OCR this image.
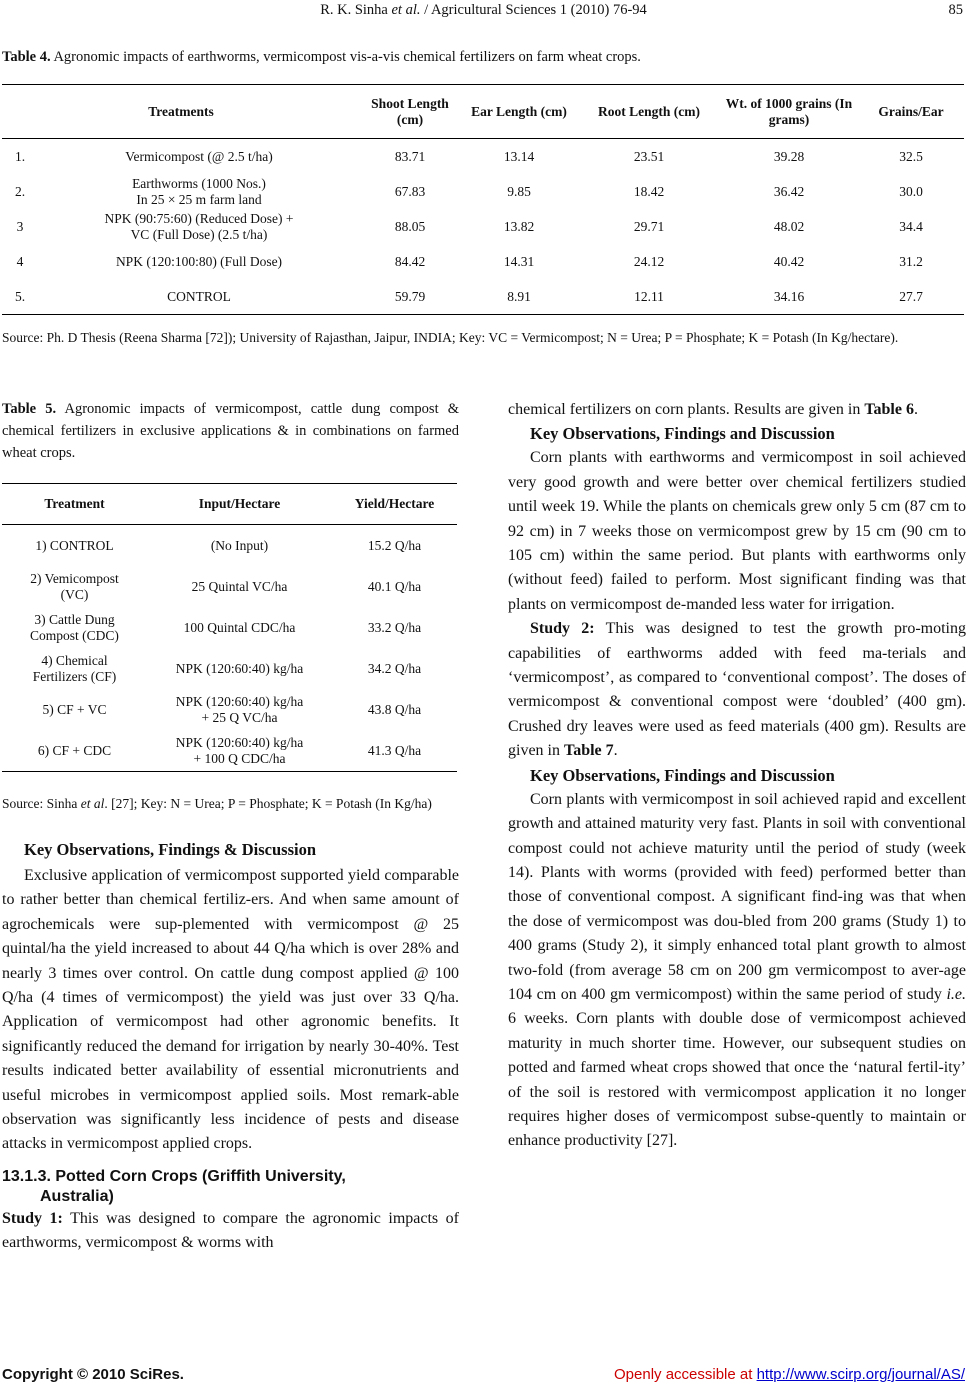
R. K. Sinha et al. / Agricultural Sciences 1 (2010) 76-94	85
Table 4. Agronomic impacts of earthworms, vermicompost vis-a-vis chemical fertilizers on farm wheat crops.
Treatments		Shoot Length (cm)	Ear Length (cm)	Root Length (cm)	Wt. of 1000 grains (In grams)	Grains/Ear
1.	Vermicompost (@ 2.5 t/ha)	83.71	13.14	23.51	39.28	32.5
2.	Earthworms (1000 Nos.)
In 25 × 25 m farm land	67.83	9.85	18.42	36.42	30.0
3	NPK (90:75:60) (Reduced Dose) +
VC (Full Dose) (2.5 t/ha)	88.05	13.82	29.71	48.02	34.4
4	NPK (120:100:80) (Full Dose)	84.42	14.31	24.12	40.42	31.2
5.	CONTROL	59.79	8.91	12.11	34.16	27.7
Source: Ph. D Thesis (Reena Sharma [72]); University of Rajasthan, Jaipur, INDIA; Key: VC = Vermicompost; N = Urea; P = Phosphate; K = Potash (In Kg/hectare).

Table 5. Agronomic impacts of vermicompost, cattle dung compost & chemical fertilizers in exclusive applications & in combinations on farmed wheat crops.

Treatment	Input/Hectare	Yield/Hectare
1) CONTROL	(No Input)	15.2 Q/ha
2) Vemicompost
(VC)	25 Quintal VC/ha	40.1 Q/ha
3) Cattle Dung
Compost (CDC)	100 Quintal CDC/ha	33.2 Q/ha
4) Chemical
Fertilizers (CF)	NPK (120:60:40) kg/ha	34.2 Q/ha
5) CF + VC	NPK (120:60:40) kg/ha
+ 25 Q VC/ha	43.8 Q/ha
6) CF + CDC	NPK (120:60:40) kg/ha
+ 100 Q CDC/ha	41.3 Q/ha
Source: Sinha et al. [27]; Key: N = Urea; P = Phosphate; K = Potash (In Kg/ha)
Key Observations, Findings & Discussion

Exclusive application of vermicompost supported yield comparable to rather better than chemical fertiliz-ers. And when same amount of agrochemicals were sup-plemented with vermicompost @ 25 quintal/ha the yield increased to about 44 Q/ha which is over 28% and nearly 3 times over control. On cattle dung compost applied @ 100 Q/ha (4 times of vermicompost) the yield was just over 33 Q/ha. Application of vermicompost had other agronomic benefits. It significantly reduced the demand for irrigation by nearly 30-40%. Test results indicated better availability of essential micronutrients and useful microbes in vermicompost applied soils. Most remark-able observation was significantly less incidence of pests and disease attacks in vermicompost applied crops.

13.1.3. Potted Corn Crops (Griffith University,
Australia)

Study 1: This was designed to compare the agronomic impacts of earthworms, vermicompost & worms with

chemical fertilizers on corn plants. Results are given in Table 6.

Key Observations, Findings and Discussion

Corn plants with earthworms and vermicompost in soil achieved very good growth and were better over chemical fertilizers studied until week 19. While the plants on chemicals grew only 5 cm (87 cm to 92 cm) in 7 weeks those on vermicompost grew by 15 cm (90 cm to 105 cm) within the same period. But plants with earthworms only (without feed) failed to perform. Most significant finding was that plants on vermicompost de-manded less water for irrigation.

Study 2: This was designed to test the growth pro-moting capabilities of earthworms added with feed ma-terials and ‘vermicompost’, as compared to ‘conventional compost’. The doses of vermicompost & conventional compost were ‘doubled’ (400 gm). Crushed dry leaves were used as feed materials (400 gm). Results are given in Table 7.

Key Observations, Findings and Discussion

Corn plants with vermicompost in soil achieved rapid and excellent growth and attained maturity very fast. Plants in soil with conventional compost could not achieve maturity until the period of study (week 14). Plants with worms (provided with feed) performed better than those of conventional compost. A significant find-ing was that when the dose of vermicompost was dou-bled from 200 grams (Study 1) to 400 grams (Study 2), it simply enhanced total plant growth to almost two-fold (from average 58 cm on 200 gm vermicompost to aver-age 104 cm on 400 gm vermicompost) within the same period of study i.e. 6 weeks. Corn plants with double dose of vermicompost achieved maturity in much shorter time. However, our subsequent studies on potted and farmed wheat crops showed that once the ‘natural fertil-ity’ of the soil is restored with vermicompost application it no longer requires higher doses of vermicompost subse-quently to maintain or enhance productivity [27].

Copyright © 2010 SciRes.	Openly accessible at http://www.scirp.org/journal/AS/
